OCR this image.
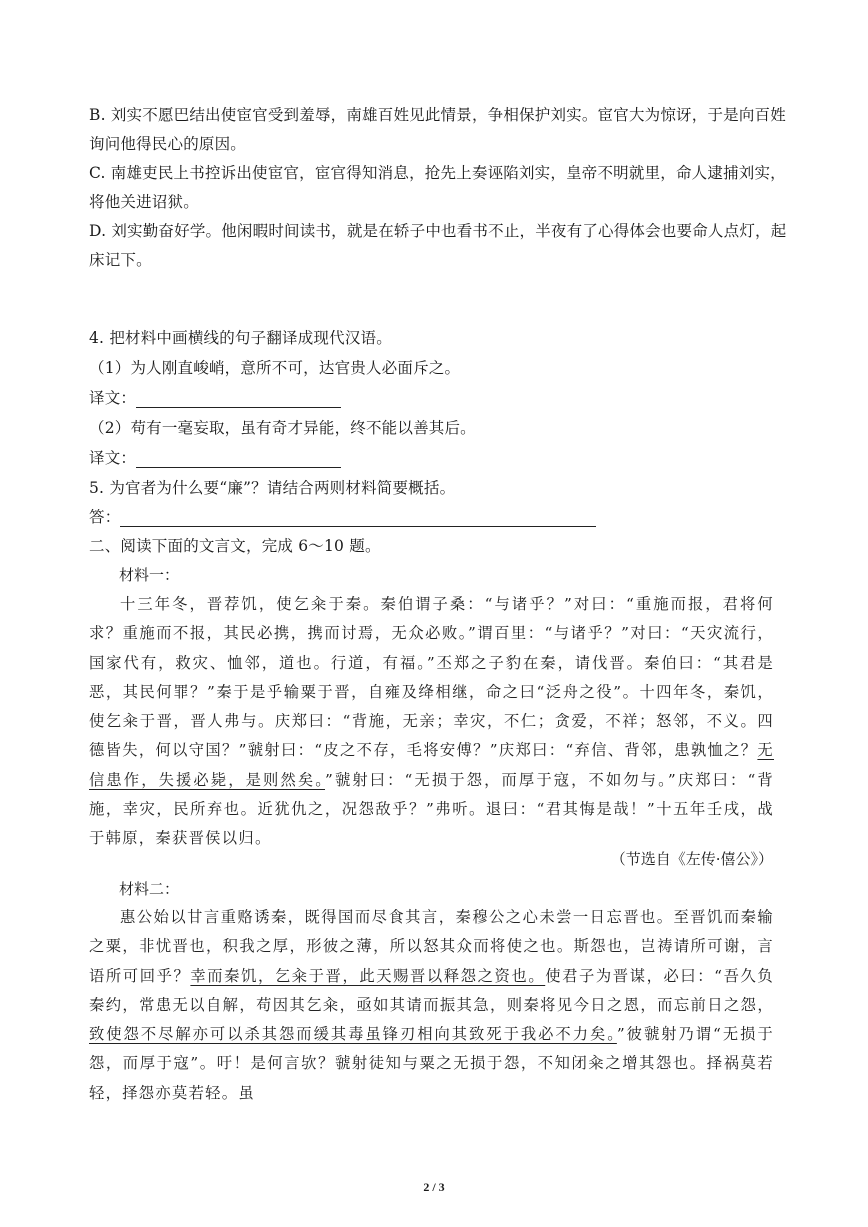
B. 刘实不愿巴结出使宦官受到羞辱，南雄百姓见此情景，争相保护刘实。宦官大为惊讶，于是向百姓询问他得民心的原因。
C. 南雄吏民上书控诉出使宦官，宦官得知消息，抢先上奏诬陷刘实，皇帝不明就里，命人逮捕刘实，将他关进诏狱。
D. 刘实勤奋好学。他闲暇时间读书，就是在轿子中也看书不止，半夜有了心得体会也要命人点灯，起床记下。
4. 把材料中画横线的句子翻译成现代汉语。
（1）为人刚直峻峭，意所不可，达官贵人必面斥之。
译文：
（2）苟有一毫妄取，虽有奇才异能，终不能以善其后。
译文：
5. 为官者为什么要“廉”？请结合两则材料简要概括。
答：
二、阅读下面的文言文，完成 6～10 题。
材料一：
十三年冬，晋荐饥，使乞籴于秦。秦伯谓子桑：“与诸乎？”对曰：“重施而报，君将何求？重施而不报，其民必携，携而讨焉，无众必败。”谓百里：“与诸乎？”对曰：“天灾流行，国家代有，救灾、恤邻，道也。行道，有福。”丕郑之子豹在秦，请伐晋。秦伯曰：“其君是恶，其民何罪？”秦于是乎输粟于晋，自雍及绛相继，命之曰“泛舟之役”。十四年冬，秦饥，使乞籴于晋，晋人弗与。庆郑曰：“背施，无亲；幸灾，不仁；贪爱，不祥；怒邻，不义。四德皆失，何以守国？”虢射曰：“皮之不存，毛将安傅？”庆郑曰：“弃信、背邻，患孰恤之？无信患作，失援必毙，是则然矣。”虢射曰：“无损于怨，而厚于寇，不如勿与。”庆郑曰：“背施，幸灾，民所弃也。近犹仇之，况怨敌乎？”弗听。退曰：“君其悔是哉！”十五年壬戌，战于韩原，秦获晋侯以归。
（节选自《左传·僖公》）
材料二：
惠公始以甘言重赂诱秦，既得国而尽食其言，秦穆公之心未尝一日忘晋也。至晋饥而秦输之粟，非忧晋也，积我之厚，形彼之薄，所以怒其众而将使之也。斯怨也，岂祷请所可谢，言语所可回乎？幸而秦饥，乞籴于晋，此天赐晋以释怨之资也。使君子为晋谋，必曰：“吾久负秦约，常患无以自解，苟因其乞籴，亟如其请而振其急，则秦将见今日之恩，而忘前日之怨，致使怨不尽解亦可以杀其怨而缓其毒虽锋刃相向其致死于我必不力矣。”彼虢射乃谓“无损于怨，而厚于寇”。吁！是何言欤？虢射徒知与粟之无损于怨，不知闭籴之增其怨也。择祸莫若轻，择怨亦莫若轻。虽
2 / 3
